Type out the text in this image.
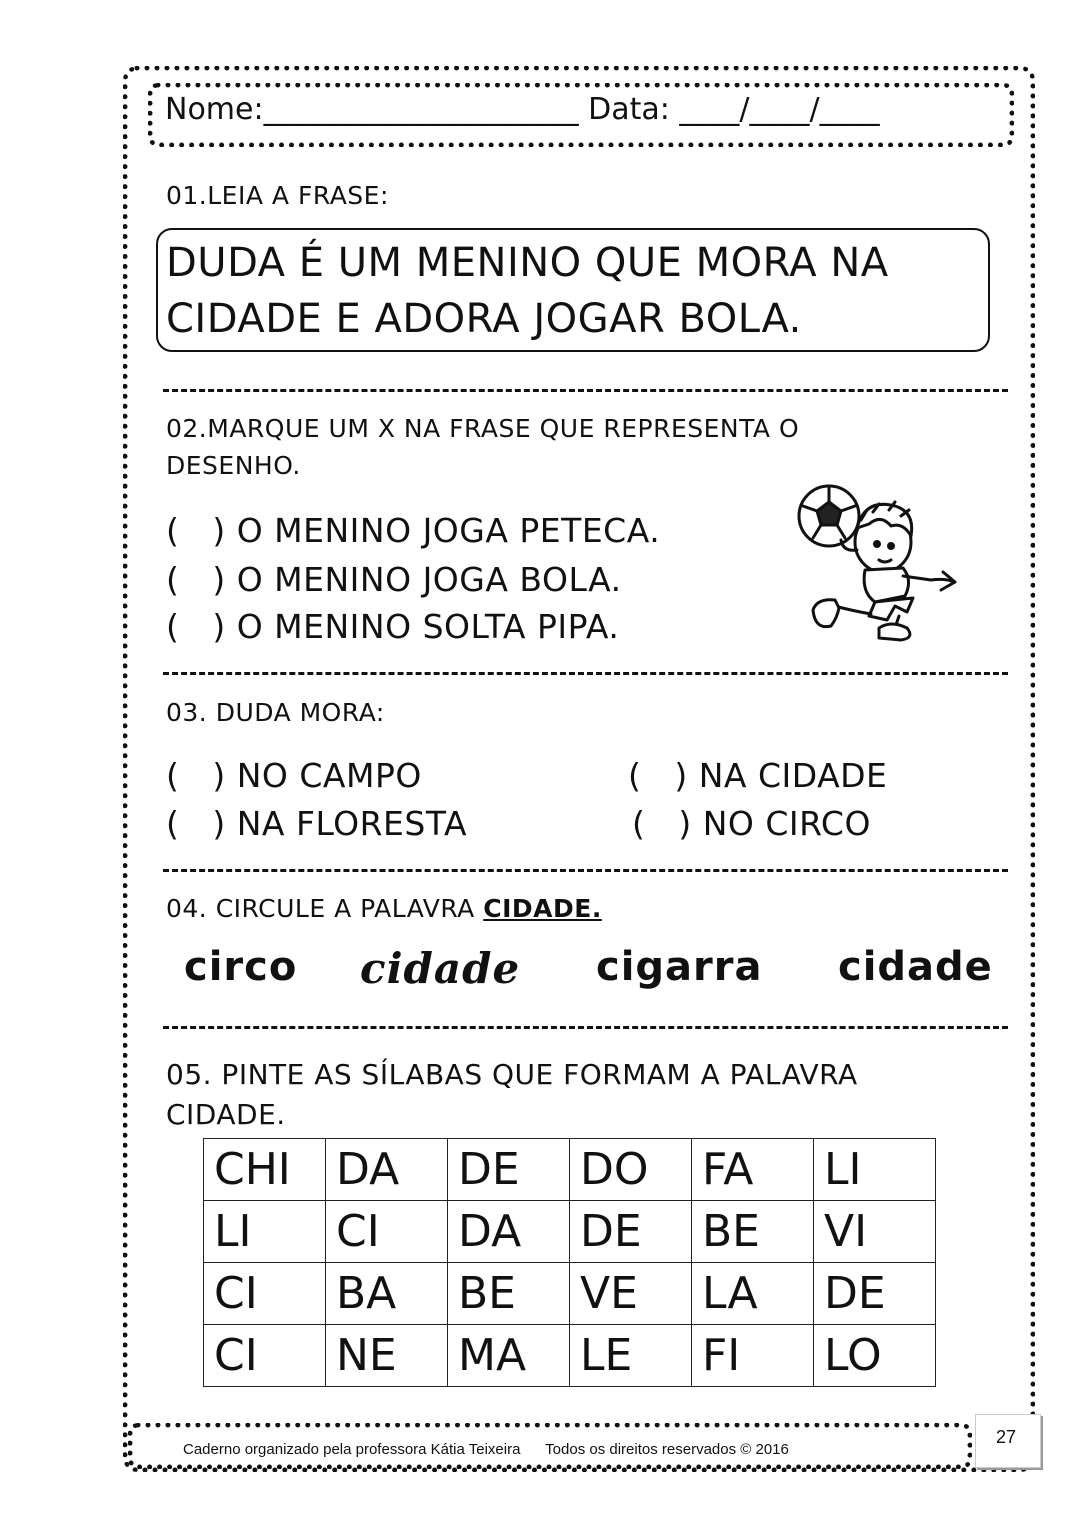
Nome:_____________________ Data: ____/____/____
01.LEIA A FRASE:
DUDA É UM MENINO QUE MORA NA
CIDADE E ADORA JOGAR BOLA.
02.MARQUE UM X NA FRASE QUE REPRESENTA O
DESENHO.
(   ) O MENINO JOGA PETECA.
(   ) O MENINO JOGA BOLA.
(   ) O MENINO SOLTA PIPA.
03. DUDA MORA:
(   ) NO CAMPO	(   ) NA CIDADE
(   ) NA FLORESTA	(   ) NO CIRCO
04. CIRCULE A PALAVRA CIDADE.
circo cidade cigarra cidade
05. PINTE AS SÍLABAS QUE FORMAM A PALAVRA
CIDADE.
CHI	DA	DE	DO	FA	LI
LI	CI	DA	DE	BE	VI
CI	BA	BE	VE	LA	DE
CI	NE	MA	LE	FI	LO
Caderno organizado pela professora Kátia Teixeira      Todos os direitos reservados © 2016
27
